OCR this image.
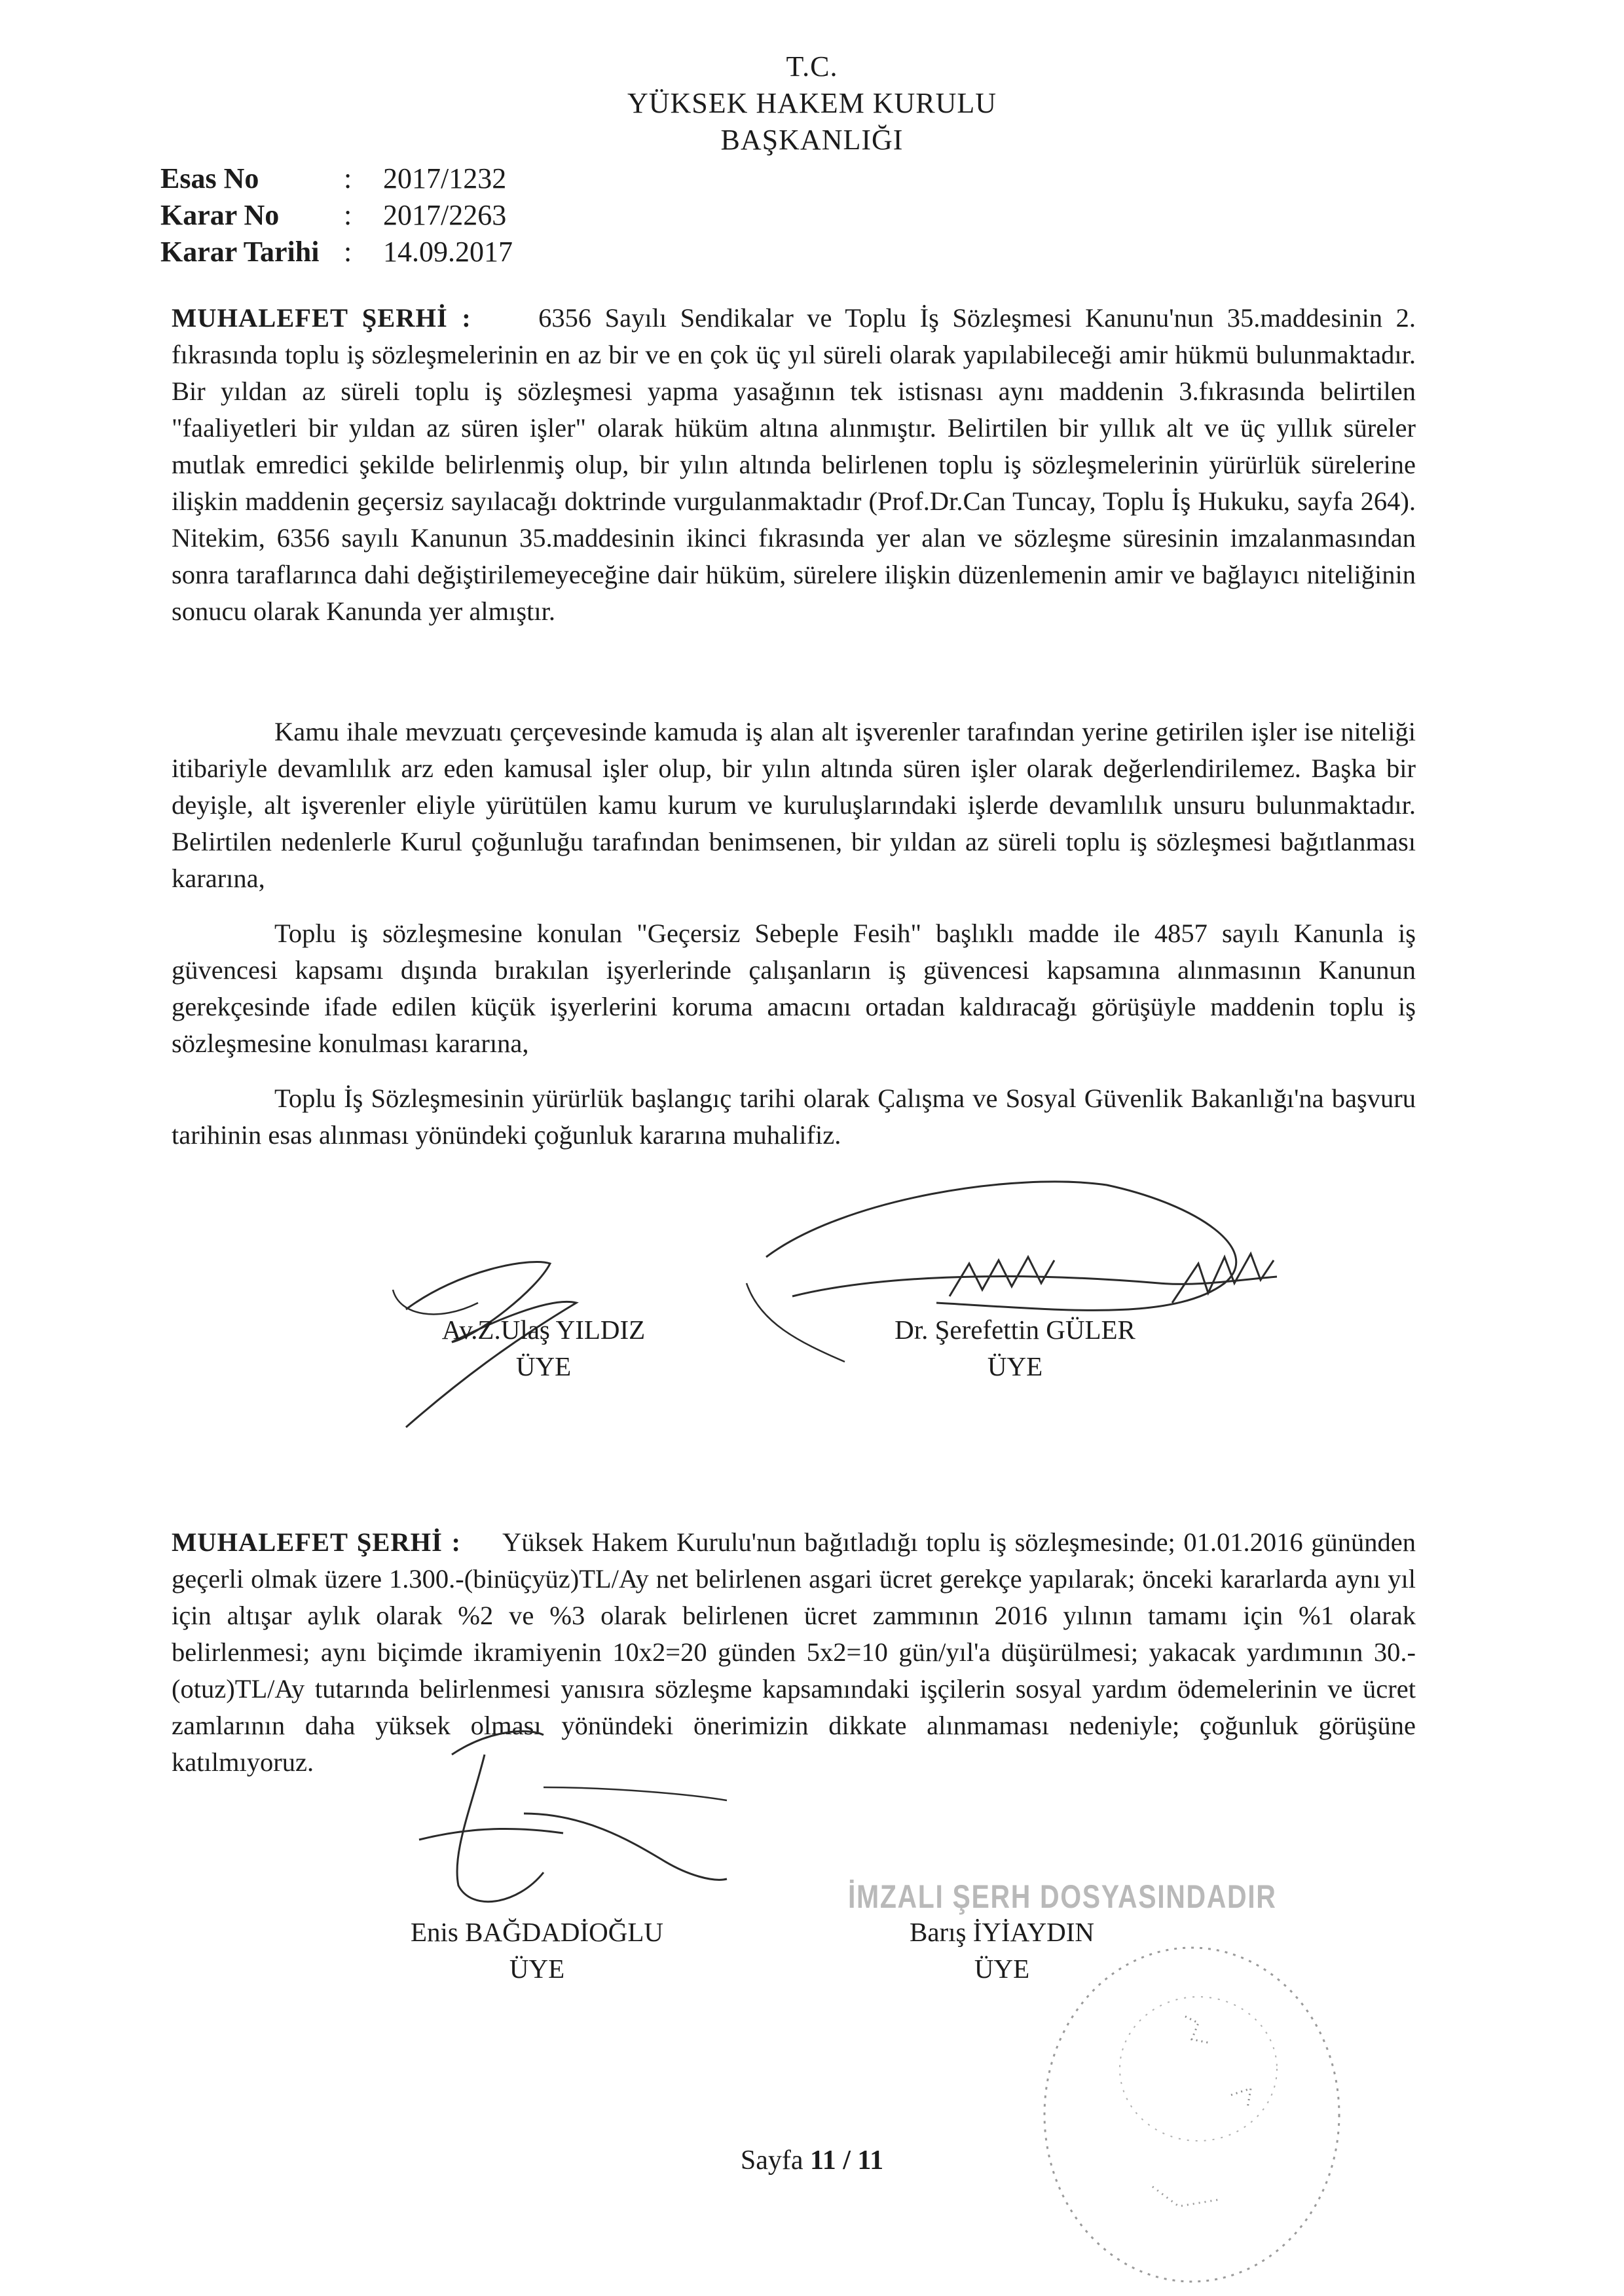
T.C.
YÜKSEK HAKEM KURULU
BAŞKANLIĞI
Esas No	:	2017/1232
Karar No	:	2017/2263
Karar Tarihi :	14.09.2017
MUHALEFET ŞERHİ :	6356 Sayılı Sendikalar ve Toplu İş Sözleşmesi Kanunu'nun 35.maddesinin 2. fıkrasında toplu iş sözleşmelerinin en az bir ve en çok üç yıl süreli olarak yapılabileceği amir hükmü bulunmaktadır. Bir yıldan az süreli toplu iş sözleşmesi yapma yasağının tek istisnası aynı maddenin 3.fıkrasında belirtilen "faaliyetleri bir yıldan az süren işler" olarak hüküm altına alınmıştır. Belirtilen bir yıllık alt ve üç yıllık süreler mutlak emredici şekilde belirlenmiş olup, bir yılın altında belirlenen toplu iş sözleşmelerinin yürürlük sürelerine ilişkin maddenin geçersiz sayılacağı doktrinde vurgulanmaktadır (Prof.Dr.Can Tuncay, Toplu İş Hukuku, sayfa 264). Nitekim, 6356 sayılı Kanunun 35.maddesinin ikinci fıkrasında yer alan ve sözleşme süresinin imzalanmasından sonra taraflarınca dahi değiştirilemeyeceğine dair hüküm, sürelere ilişkin düzenlemenin amir ve bağlayıcı niteliğinin sonucu olarak Kanunda yer almıştır.
Kamu ihale mevzuatı çerçevesinde kamuda iş alan alt işverenler tarafından yerine getirilen işler ise niteliği itibariyle devamlılık arz eden kamusal işler olup, bir yılın altında süren işler olarak değerlendirilemez. Başka bir deyişle, alt işverenler eliyle yürütülen kamu kurum ve kuruluşlarındaki işlerde devamlılık unsuru bulunmaktadır. Belirtilen nedenlerle Kurul çoğunluğu tarafından benimsenen, bir yıldan az süreli toplu iş sözleşmesi bağıtlanması kararına,
Toplu iş sözleşmesine konulan "Geçersiz Sebeple Fesih" başlıklı madde ile 4857 sayılı Kanunla iş güvencesi kapsamı dışında bırakılan işyerlerinde çalışanların iş güvencesi kapsamına alınmasının Kanunun gerekçesinde ifade edilen küçük işyerlerini koruma amacını ortadan kaldıracağı görüşüyle maddenin toplu iş sözleşmesine konulması kararına,
Toplu İş Sözleşmesinin yürürlük başlangıç tarihi olarak Çalışma ve Sosyal Güvenlik Bakanlığı'na başvuru tarihinin esas alınması yönündeki çoğunluk kararına muhalifiz.
Av.Z.Ulaş YILDIZ
ÜYE
Dr. Şerefettin GÜLER
ÜYE
MUHALEFET ŞERHİ : Yüksek Hakem Kurulu'nun bağıtladığı toplu iş sözleşmesinde; 01.01.2016 gününden geçerli olmak üzere 1.300.-(binüçyüz)TL/Ay net belirlenen asgari ücret gerekçe yapılarak; önceki kararlarda aynı yıl için altışar aylık olarak %2 ve %3 olarak belirlenen ücret zammının 2016 yılının tamamı için %1 olarak belirlenmesi; aynı biçimde ikramiyenin 10x2=20 günden 5x2=10 gün/yıl'a düşürülmesi; yakacak yardımının 30.-(otuz)TL/Ay tutarında belirlenmesi yanısıra sözleşme kapsamındaki işçilerin sosyal yardım ödemelerinin ve ücret zamlarının daha yüksek olması yönündeki önerimizin dikkate alınmaması nedeniyle; çoğunluk görüşüne katılmıyoruz.
İMZALI ŞERH DOSYASINDADIR
Enis BAĞDADİOĞLU
ÜYE
Barış İYİAYDIN
ÜYE
Sayfa 11 / 11
